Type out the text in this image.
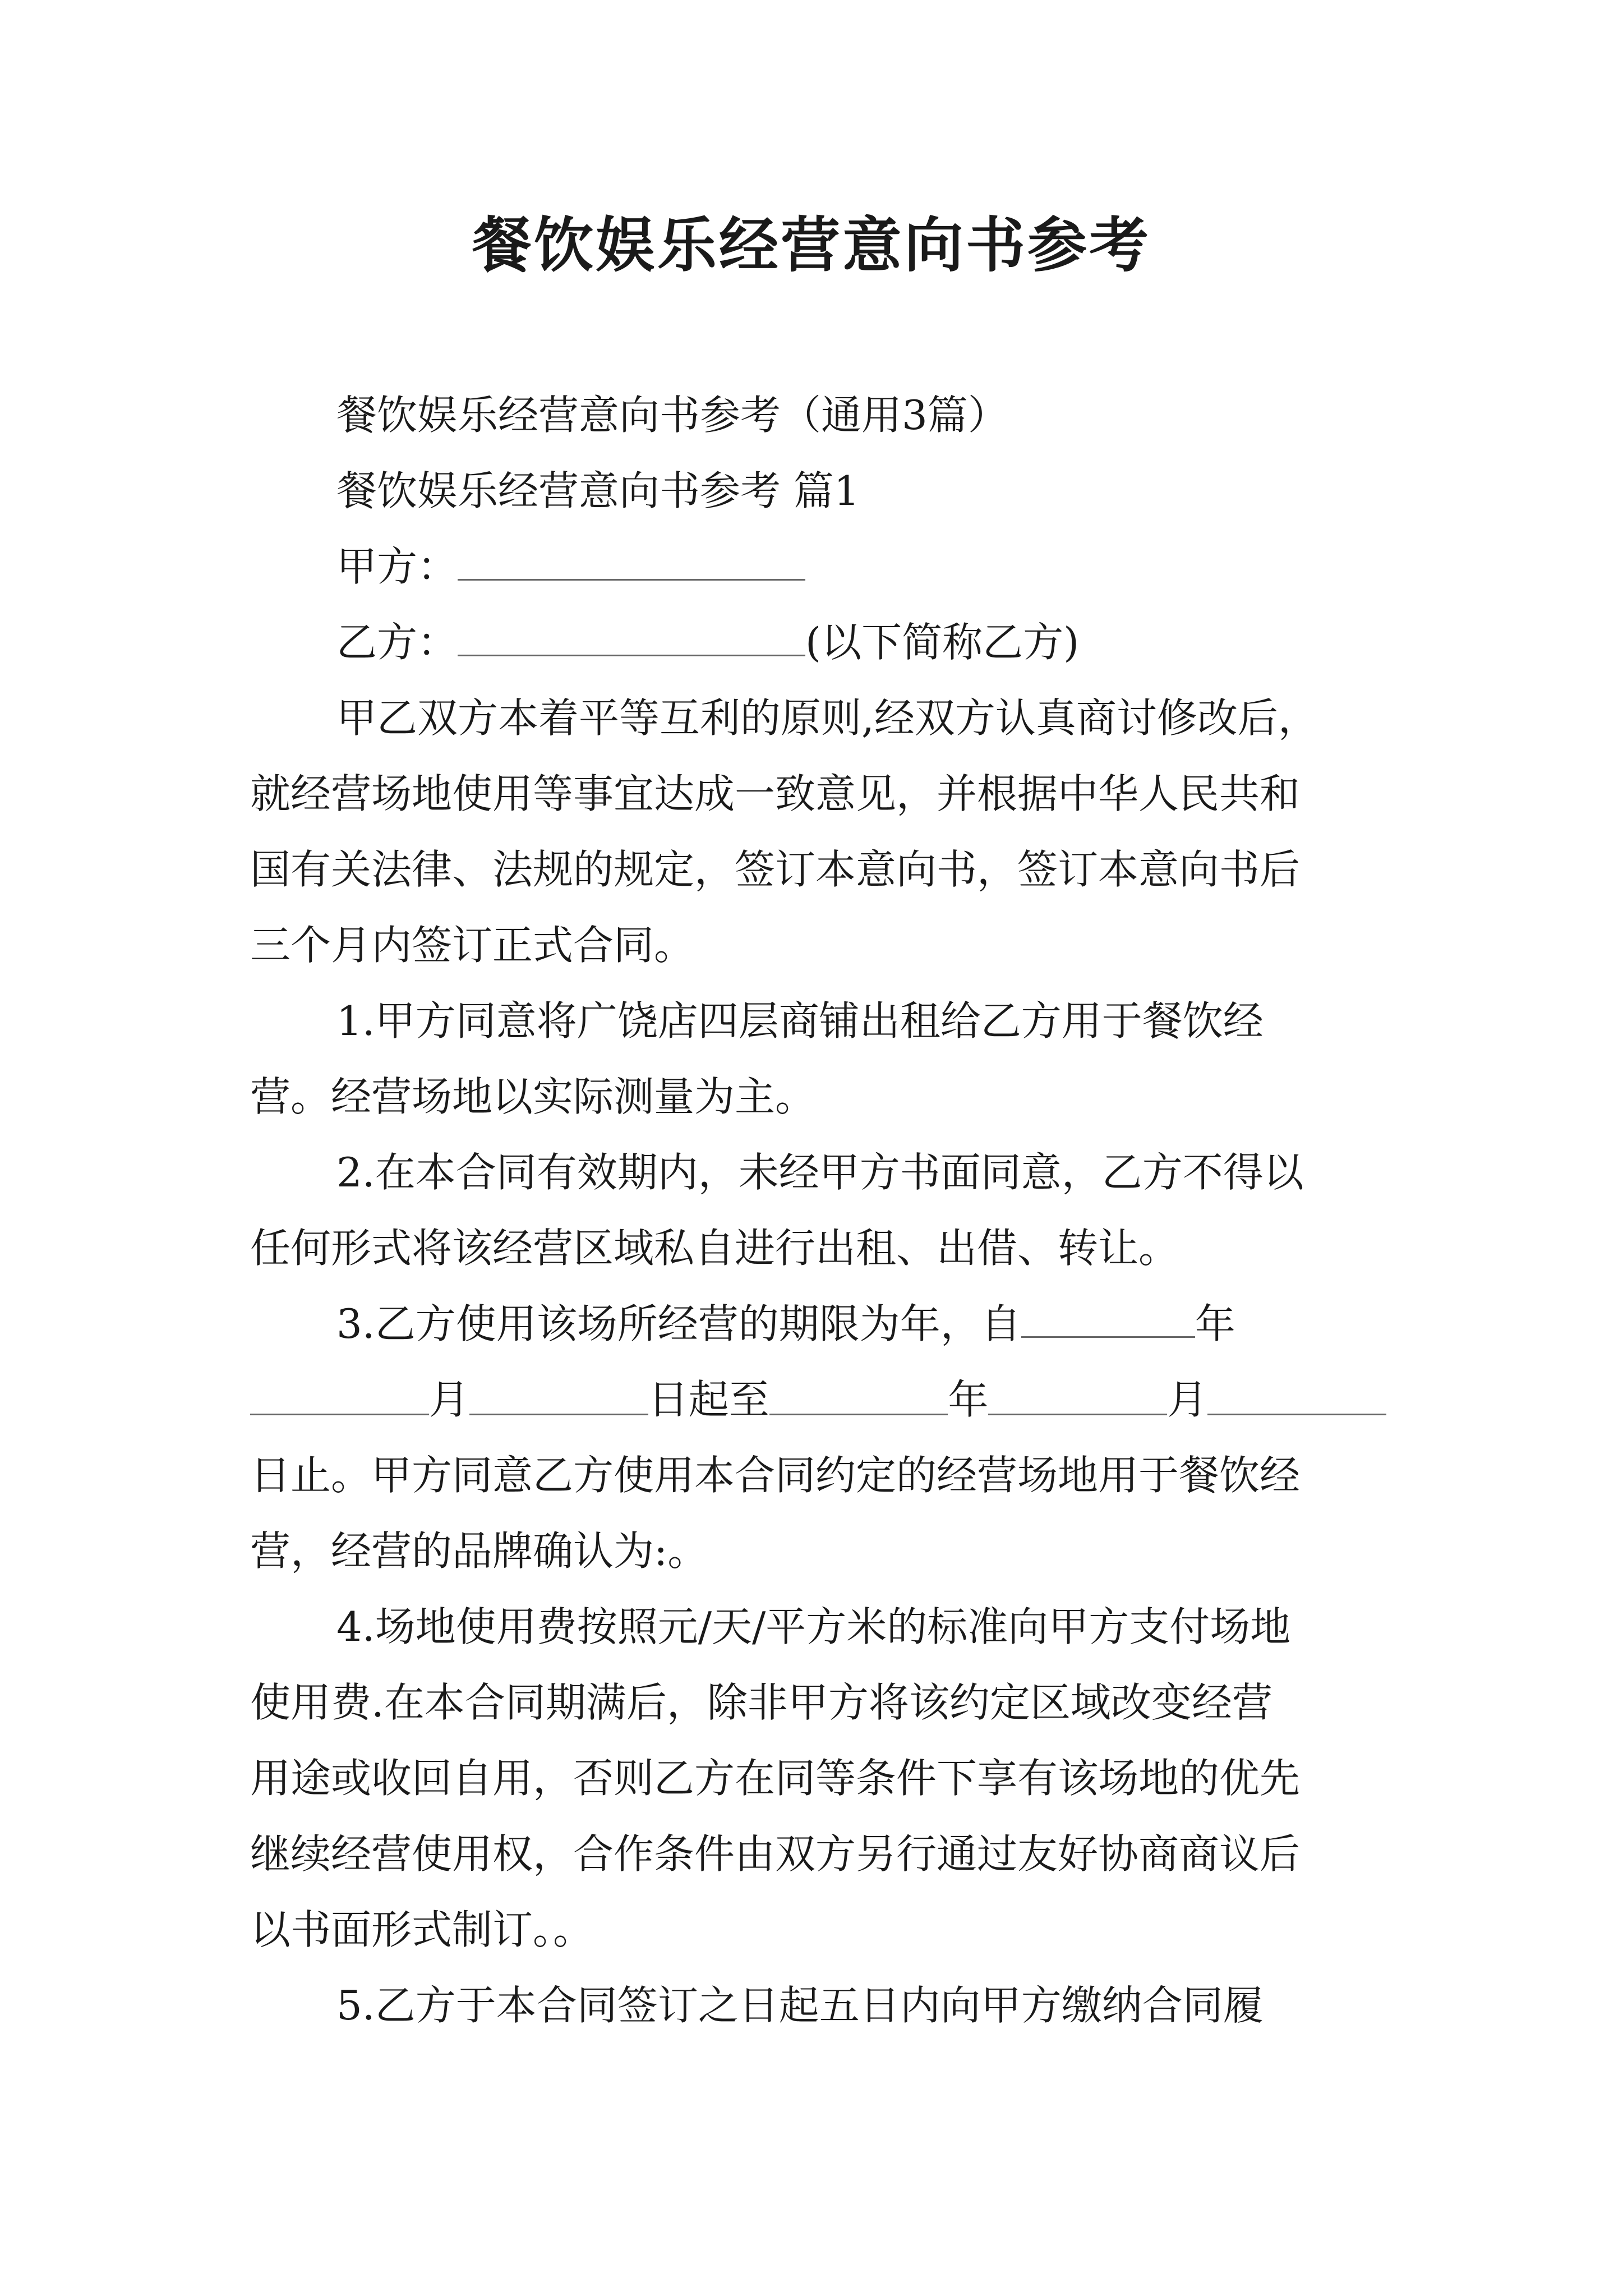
餐饮娱乐经营意向书参考
餐饮娱乐经营意向书参考（通用3篇）
餐饮娱乐经营意向书参考 篇1
甲方：
乙方：	(以下简称乙方)
甲乙双方本着平等互利的原则,经双方认真商讨修改后，
就经营场地使用等事宜达成一致意见，并根据中华人民共和
国有关法律、法规的规定，签订本意向书，签订本意向书后
三个月内签订正式合同。
1.甲方同意将广饶店四层商铺出租给乙方用于餐饮经
营。经营场地以实际测量为主。
2.在本合同有效期内，未经甲方书面同意，乙方不得以
任何形式将该经营区域私自进行出租、出借、转让。
3.乙方使用该场所经营的期限为年，自	年
月	日起至	年	月
日止。甲方同意乙方使用本合同约定的经营场地用于餐饮经
营，经营的品牌确认为:。
4.场地使用费按照元/天/平方米的标准向甲方支付场地
使用费.在本合同期满后，除非甲方将该约定区域改变经营
用途或收回自用，否则乙方在同等条件下享有该场地的优先
继续经营使用权，合作条件由双方另行通过友好协商商议后
以书面形式制订。。
5.乙方于本合同签订之日起五日内向甲方缴纳合同履
